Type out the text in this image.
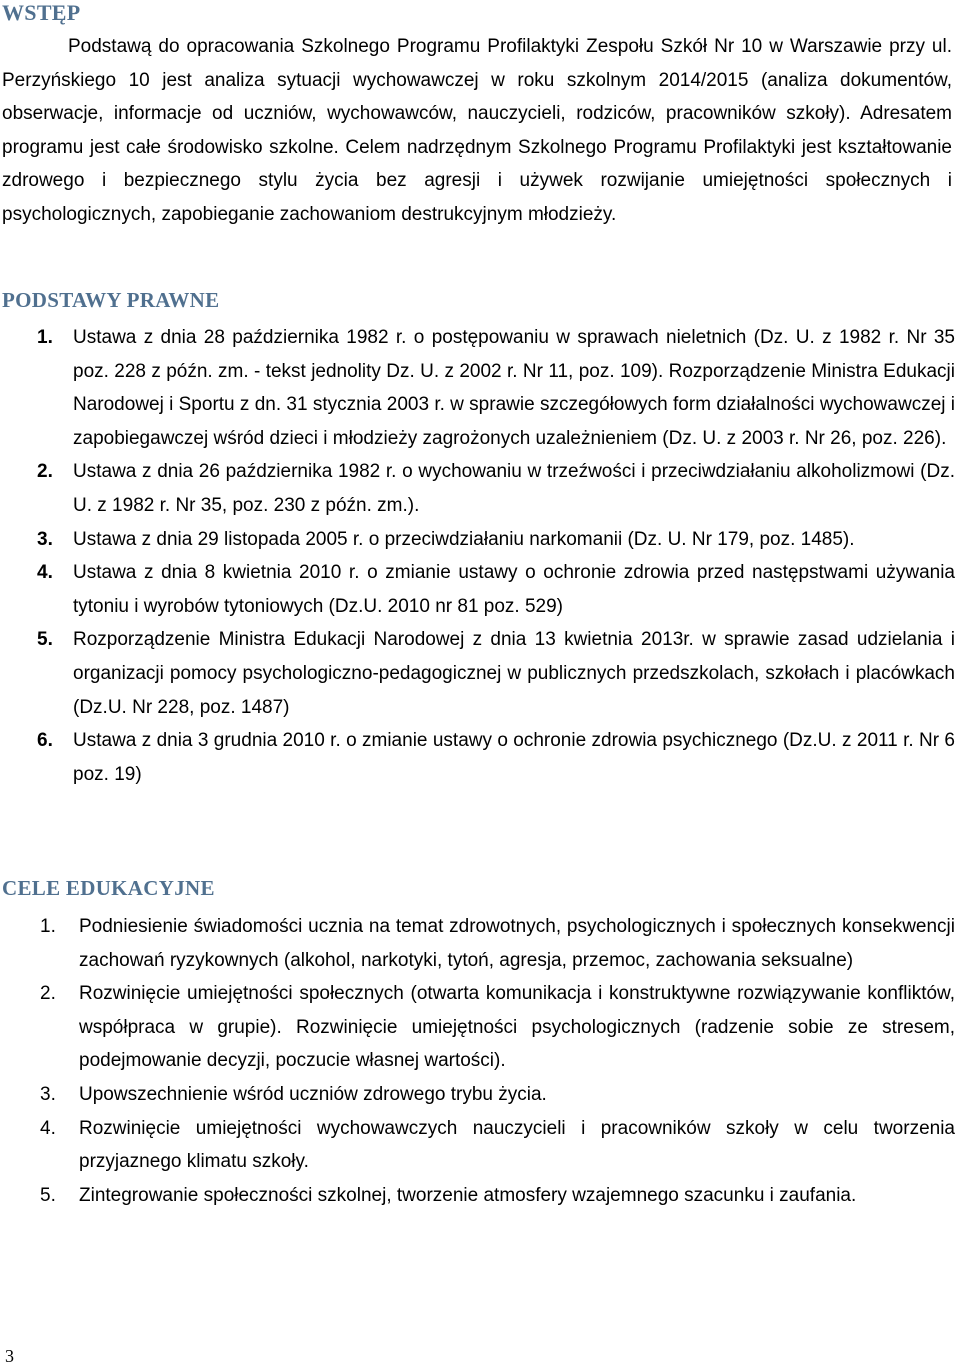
WSTĘP

Podstawą do opracowania Szkolnego Programu Profilaktyki Zespołu Szkół Nr 10 w Warszawie przy ul. Perzyńskiego 10 jest analiza sytuacji wychowawczej w roku szkolnym 2014/2015 (analiza dokumentów, obserwacje, informacje od uczniów, wychowawców, nauczycieli, rodziców, pracowników szkoły). Adresatem programu jest całe środowisko szkolne. Celem nadrzędnym Szkolnego Programu Profilaktyki jest kształtowanie zdrowego i bezpiecznego stylu życia bez agresji i używek rozwijanie umiejętności społecznych i psychologicznych, zapobieganie zachowaniom destrukcyjnym młodzieży.

PODSTAWY PRAWNE
1. Ustawa z dnia 28 października 1982 r. o postępowaniu w sprawach nieletnich (Dz. U. z 1982 r. Nr 35 poz. 228 z późn. zm. - tekst jednolity Dz. U. z 2002 r. Nr 11, poz. 109). Rozporządzenie Ministra Edukacji Narodowej i Sportu z dn. 31 stycznia 2003 r. w sprawie szczegółowych form działalności wychowawczej i zapobiegawczej wśród dzieci i młodzieży zagrożonych uzależnieniem (Dz. U. z 2003 r. Nr 26, poz. 226).
2. Ustawa z dnia 26 października 1982 r. o wychowaniu w trzeźwości i przeciwdziałaniu alkoholizmowi (Dz. U. z 1982 r. Nr 35, poz. 230 z późn. zm.).
3. Ustawa z dnia 29 listopada 2005 r. o przeciwdziałaniu narkomanii (Dz. U. Nr 179, poz. 1485).
4. Ustawa z dnia 8 kwietnia 2010 r. o zmianie ustawy o ochronie zdrowia przed następstwami używania tytoniu i wyrobów tytoniowych (Dz.U. 2010 nr 81 poz. 529)
5. Rozporządzenie Ministra Edukacji Narodowej z dnia 13 kwietnia 2013r. w sprawie zasad udzielania i organizacji pomocy psychologiczno-pedagogicznej w publicznych przedszkolach, szkołach i placówkach (Dz.U. Nr 228, poz. 1487)
6. Ustawa z dnia 3 grudnia 2010 r. o zmianie ustawy o ochronie zdrowia psychicznego (Dz.U. z 2011 r. Nr 6 poz. 19)
CELE EDUKACYJNE
1. Podniesienie świadomości ucznia na temat zdrowotnych, psychologicznych i społecznych konsekwencji zachowań ryzykownych (alkohol, narkotyki, tytoń, agresja, przemoc, zachowania seksualne)
2. Rozwinięcie umiejętności społecznych (otwarta komunikacja i konstruktywne rozwiązywanie konfliktów, współpraca w grupie). Rozwinięcie umiejętności psychologicznych (radzenie sobie ze stresem, podejmowanie decyzji, poczucie własnej wartości).
3. Upowszechnienie wśród uczniów zdrowego trybu życia.
4. Rozwinięcie umiejętności wychowawczych nauczycieli i pracowników szkoły w celu tworzenia przyjaznego klimatu szkoły.
5. Zintegrowanie społeczności szkolnej, tworzenie atmosfery wzajemnego szacunku i zaufania.
3
